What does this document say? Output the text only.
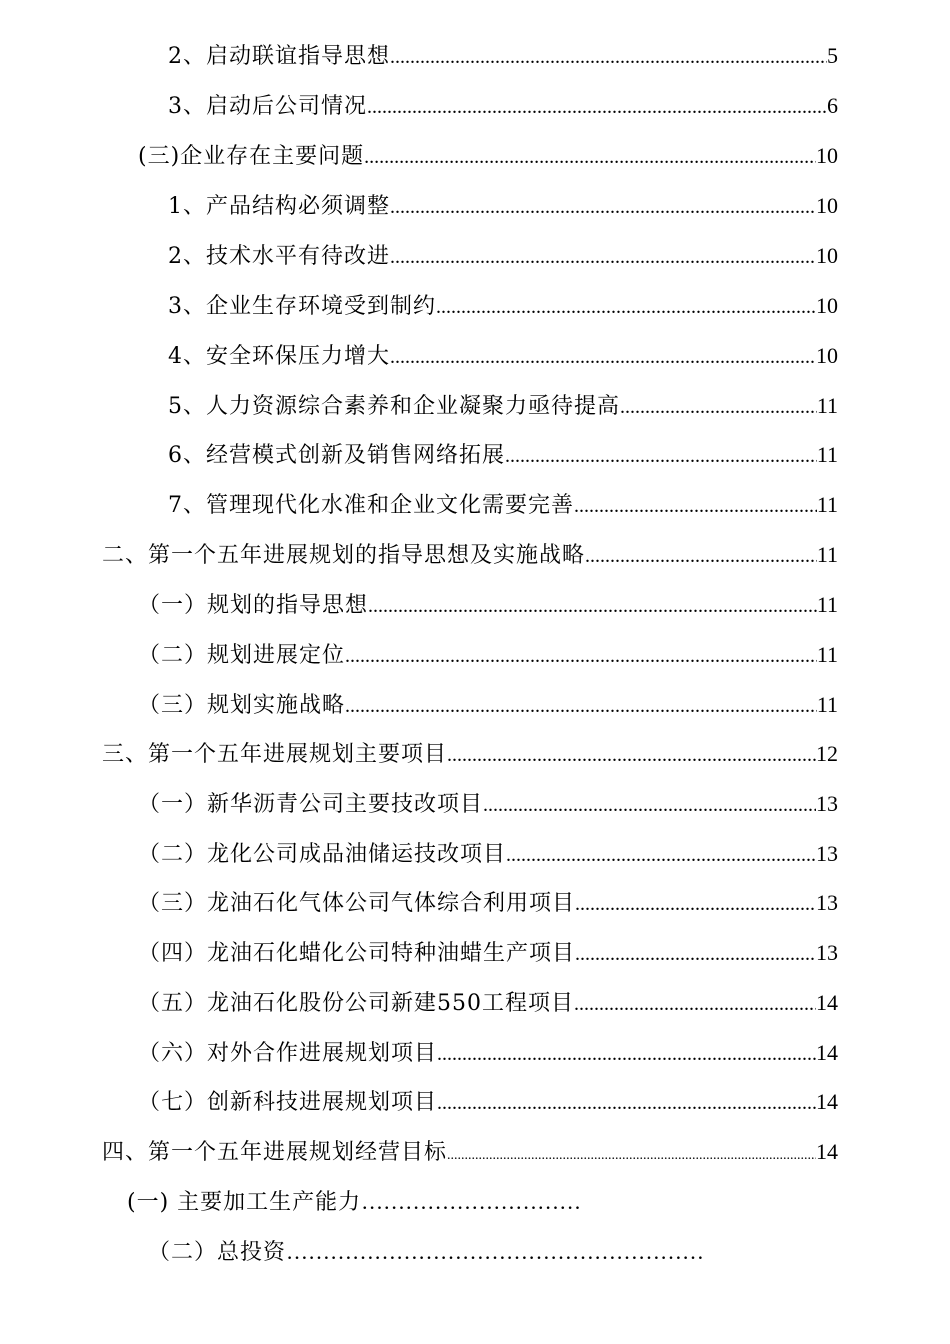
2、启动联谊指导思想 .....	5
3、启动后公司情况 .....	6
(三)企业存在主要问题 .....	10
1、产品结构必须调整 .....	10
2、技术水平有待改进 .....	10
3、企业生存环境受到制约 .....	10
4、安全环保压力增大 .....	10
5、人力资源综合素养和企业凝聚力亟待提高 .....	11
6、经营模式创新及销售网络拓展 .....	11
7、管理现代化水准和企业文化需要完善 .....	11
二、第一个五年进展规划的指导思想及实施战略 .....	11
（一）规划的指导思想 .....	11
（二）规划进展定位 .....	11
（三）规划实施战略 .....	11
三、第一个五年进展规划主要项目 .....	12
（一）新华沥青公司主要技改项目 .....	13
（二）龙化公司成品油储运技改项目 .....	13
（三）龙油石化气体公司气体综合利用项目 .....	13
（四）龙油石化蜡化公司特种油蜡生产项目 .....	13
（五）龙油石化股份公司新建550工程项目 .....	14
（六）对外合作进展规划项目 .....	14
（七）创新科技进展规划项目 .....	14
四、第一个五年进展规划经营目标 .....	14
(一) 主要加工生产能力…………………………
（二）总投资…………………………………………………
